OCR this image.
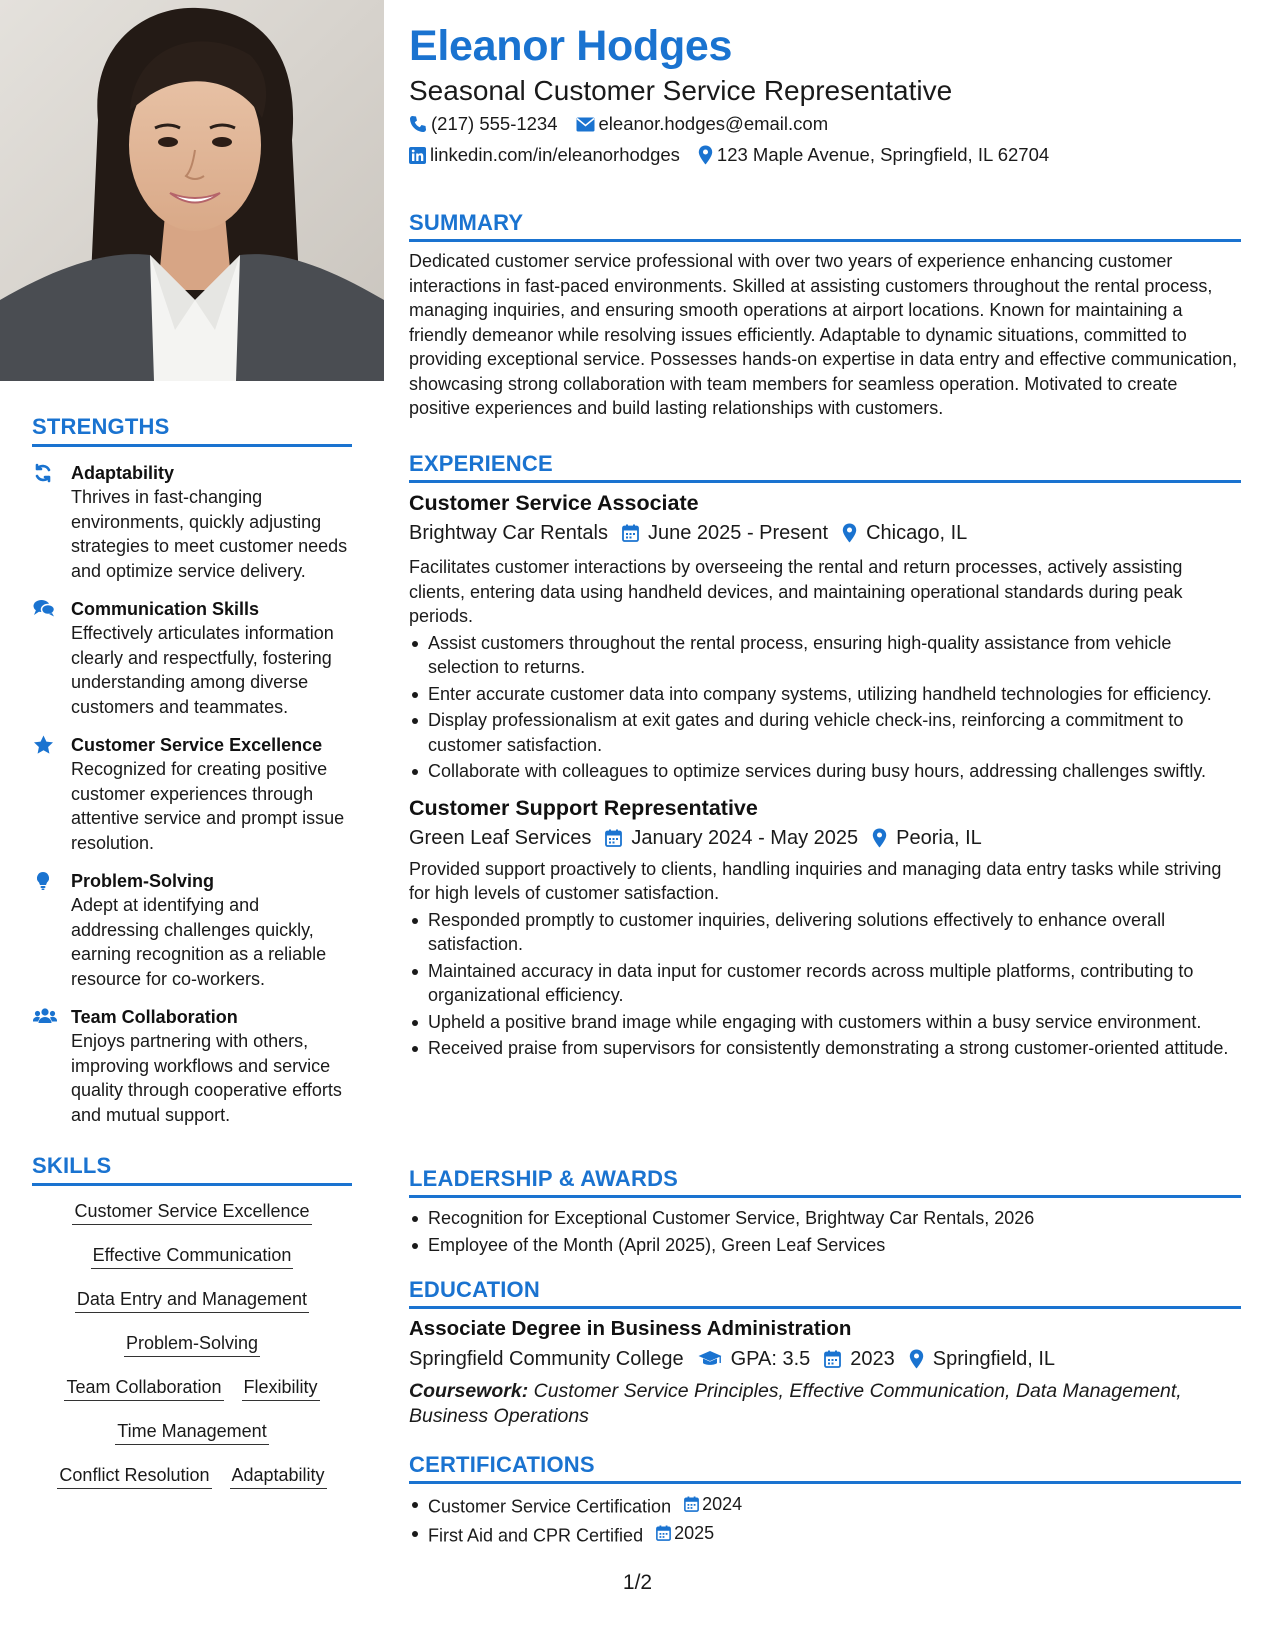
STRENGTHS
Adaptability
Thrives in fast-changing environments, quickly adjusting strategies to meet customer needs and optimize service delivery.
Communication Skills
Effectively articulates information clearly and respectfully, fostering understanding among diverse customers and teammates.
Customer Service Excellence
Recognized for creating positive customer experiences through attentive service and prompt issue resolution.
Problem-Solving
Adept at identifying and addressing challenges quickly, earning recognition as a reliable resource for co-workers.
Team Collaboration
Enjoys partnering with others, improving workflows and service quality through cooperative efforts and mutual support.
SKILLS
Customer Service Excellence
Effective Communication
Data Entry and Management
Problem-Solving
Team Collaboration Flexibility
Time Management
Conflict Resolution Adaptability
Eleanor Hodges
Seasonal Customer Service Representative
(217) 555-1234 eleanor.hodges@email.com
linkedin.com/in/eleanorhodges 123 Maple Avenue, Springfield, IL 62704
SUMMARY
Dedicated customer service professional with over two years of experience enhancing customer interactions in fast-paced environments. Skilled at assisting customers throughout the rental process, managing inquiries, and ensuring smooth operations at airport locations. Known for maintaining a friendly demeanor while resolving issues efficiently. Adaptable to dynamic situations, committed to providing exceptional service. Possesses hands-on expertise in data entry and effective communication, showcasing strong collaboration with team members for seamless operation. Motivated to create positive experiences and build lasting relationships with customers.
EXPERIENCE
Customer Service Associate
Brightway Car Rentals June 2025 - Present Chicago, IL
Facilitates customer interactions by overseeing the rental and return processes, actively assisting clients, entering data using handheld devices, and maintaining operational standards during peak periods.
Assist customers throughout the rental process, ensuring high-quality assistance from vehicle selection to returns.
Enter accurate customer data into company systems, utilizing handheld technologies for efficiency.
Display professionalism at exit gates and during vehicle check-ins, reinforcing a commitment to customer satisfaction.
Collaborate with colleagues to optimize services during busy hours, addressing challenges swiftly.
Customer Support Representative
Green Leaf Services January 2024 - May 2025 Peoria, IL
Provided support proactively to clients, handling inquiries and managing data entry tasks while striving for high levels of customer satisfaction.
Responded promptly to customer inquiries, delivering solutions effectively to enhance overall satisfaction.
Maintained accuracy in data input for customer records across multiple platforms, contributing to organizational efficiency.
Upheld a positive brand image while engaging with customers within a busy service environment.
Received praise from supervisors for consistently demonstrating a strong customer-oriented attitude.
LEADERSHIP & AWARDS
Recognition for Exceptional Customer Service, Brightway Car Rentals, 2026
Employee of the Month (April 2025), Green Leaf Services
EDUCATION
Associate Degree in Business Administration
Springfield Community College GPA: 3.5 2023 Springfield, IL
Coursework: Customer Service Principles, Effective Communication, Data Management, Business Operations
CERTIFICATIONS
Customer Service Certification 2024
First Aid and CPR Certified 2025
1/2
